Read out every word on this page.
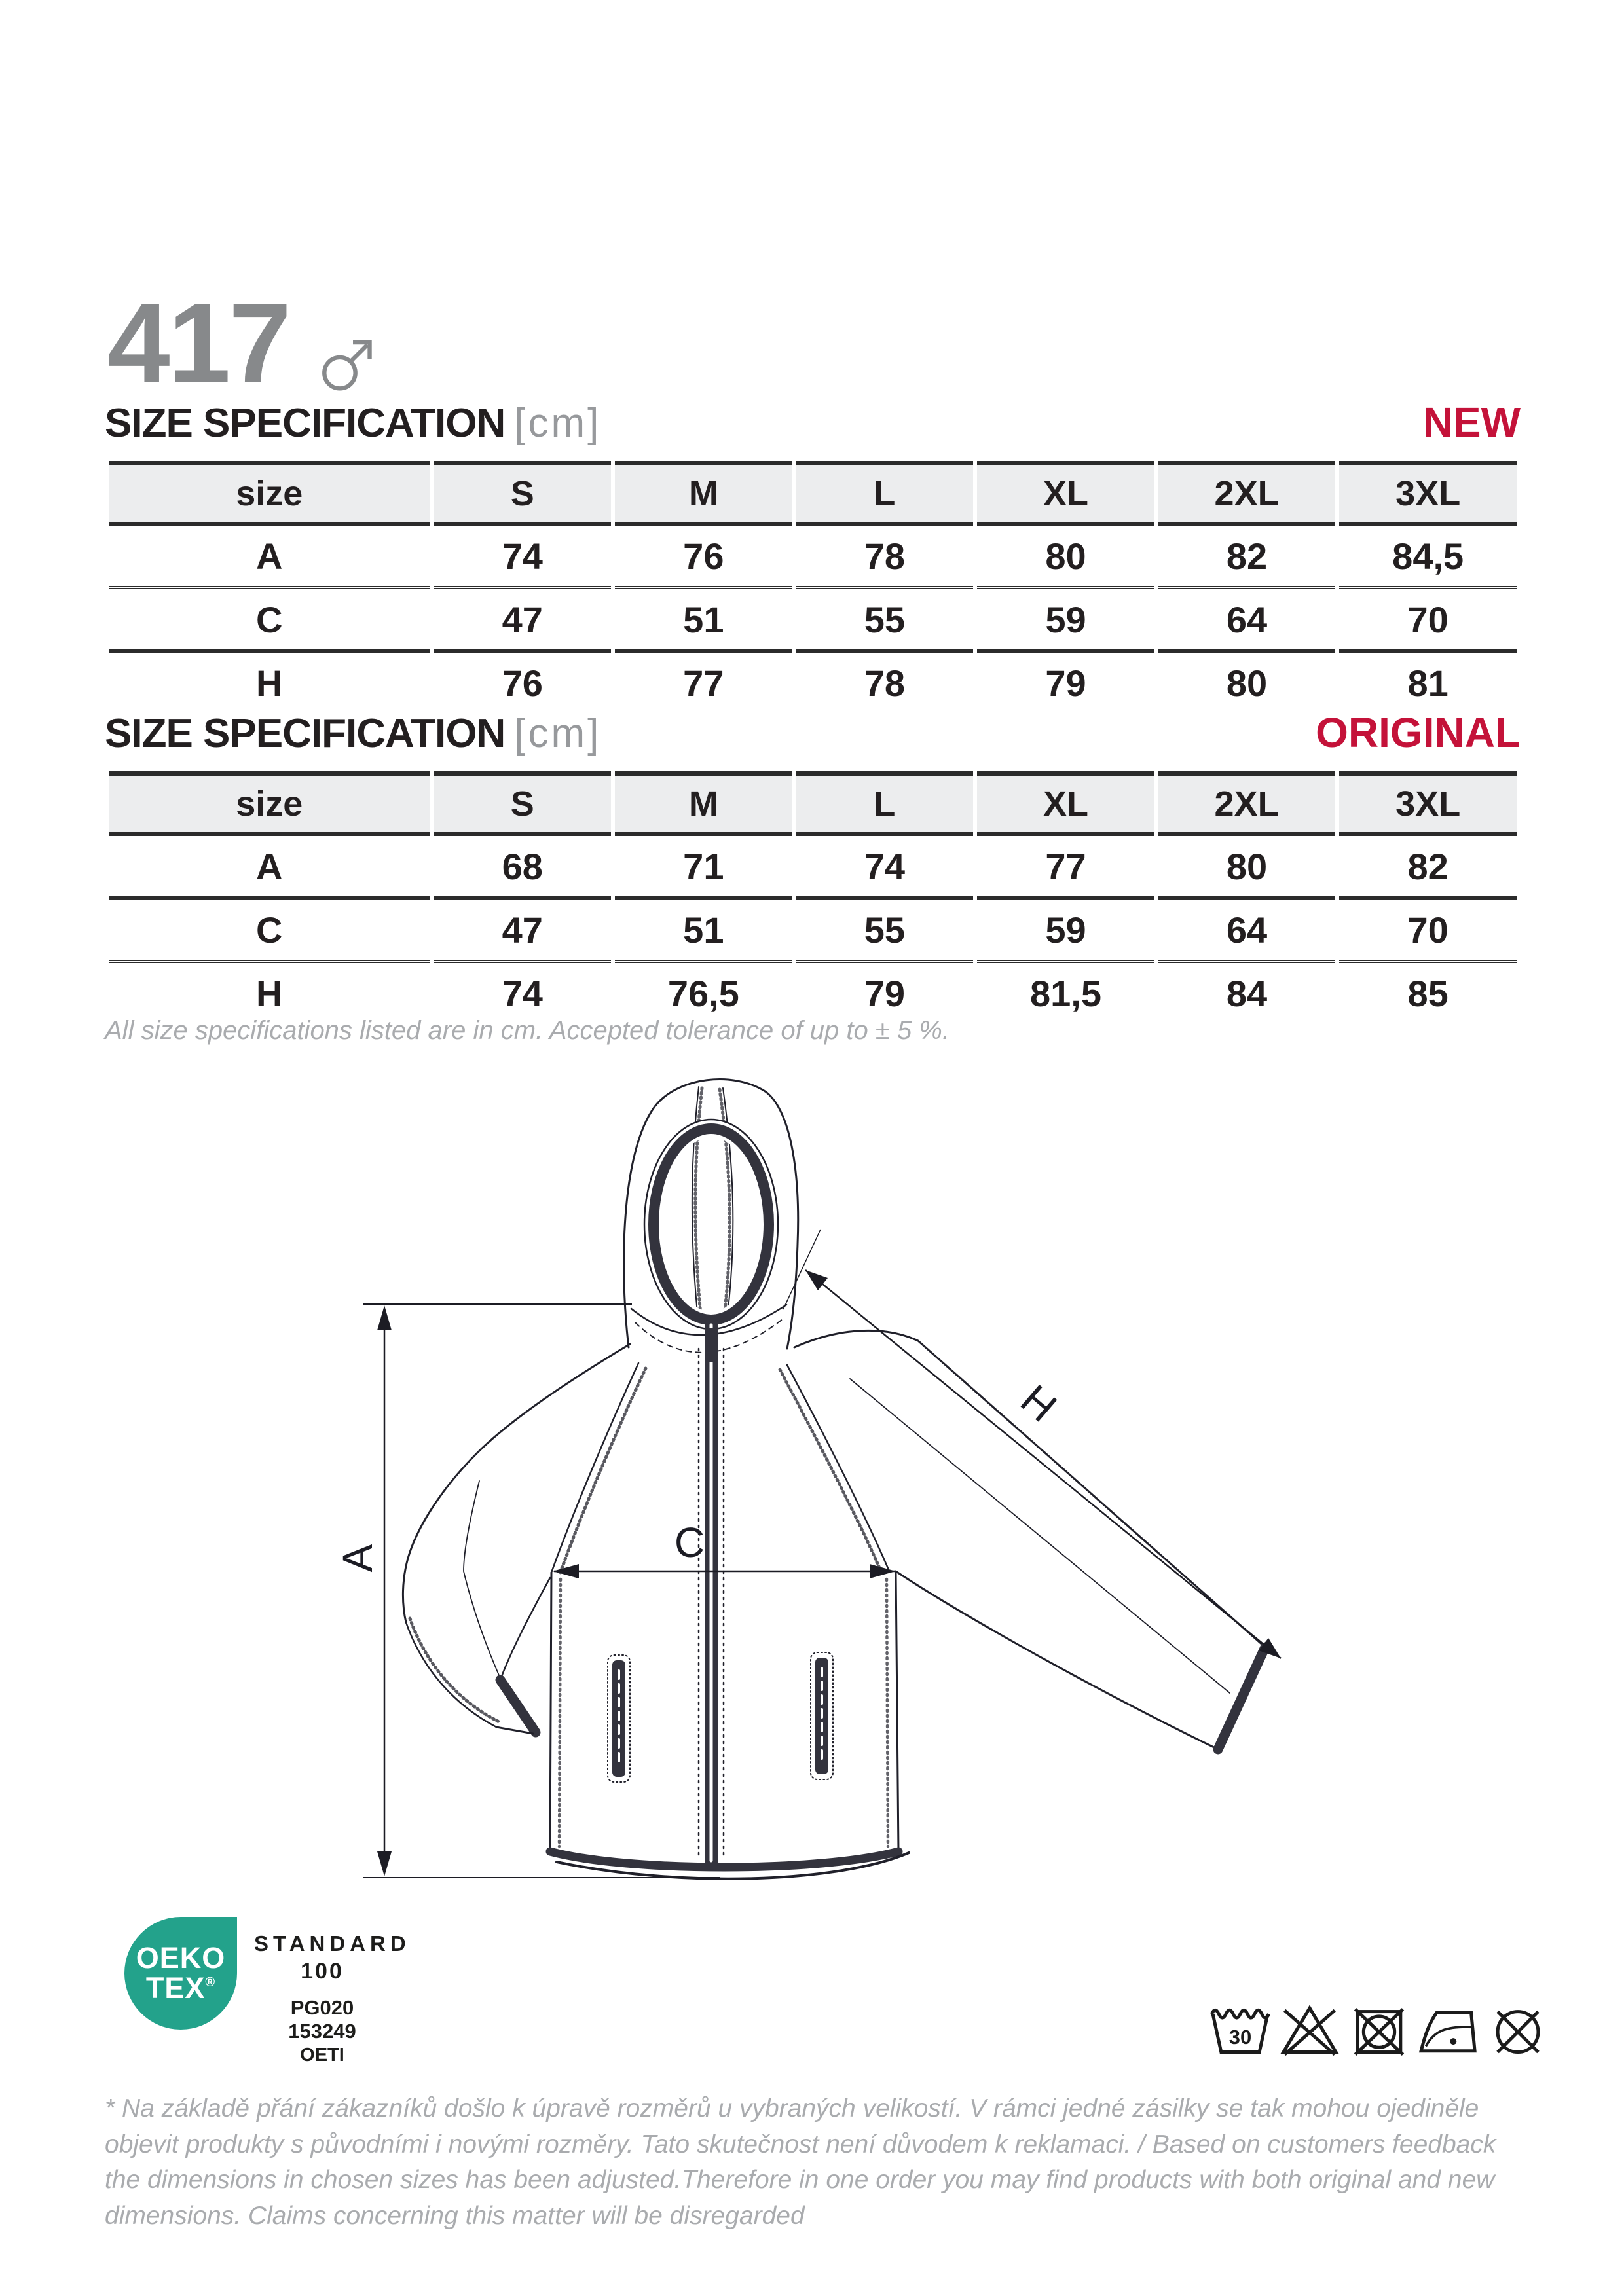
417
SIZE SPECIFICATION [cm]	NEW
size	S	M	L	XL	2XL	3XL
A	74	76	78	80	82	84,5
C	47	51	55	59	64	70
H	76	77	78	79	80	81
SIZE SPECIFICATION [cm]	ORIGINAL
size	S	M	L	XL	2XL	3XL
A	68	71	74	77	80	82
C	47	51	55	59	64	70
H	74	76,5	79	81,5	84	85
All size specifications listed are in cm. Accepted tolerance of up to ± 5 %.
A	C
H
OEKO
TEX®
STANDARD
100
PG020 153249
OETI
30
* Na základě přání zákazníků došlo k úpravě rozměrů u vybraných velikostí. V rámci jedné zásilky se tak mohou ojediněle objevit produkty s původními i novými rozměry. Tato skutečnost není důvodem k reklamaci. / Based on customers feedback the dimensions in chosen sizes has been adjusted.Therefore in one order you may find products with both original and new dimensions. Claims concerning this matter will be disregarded
